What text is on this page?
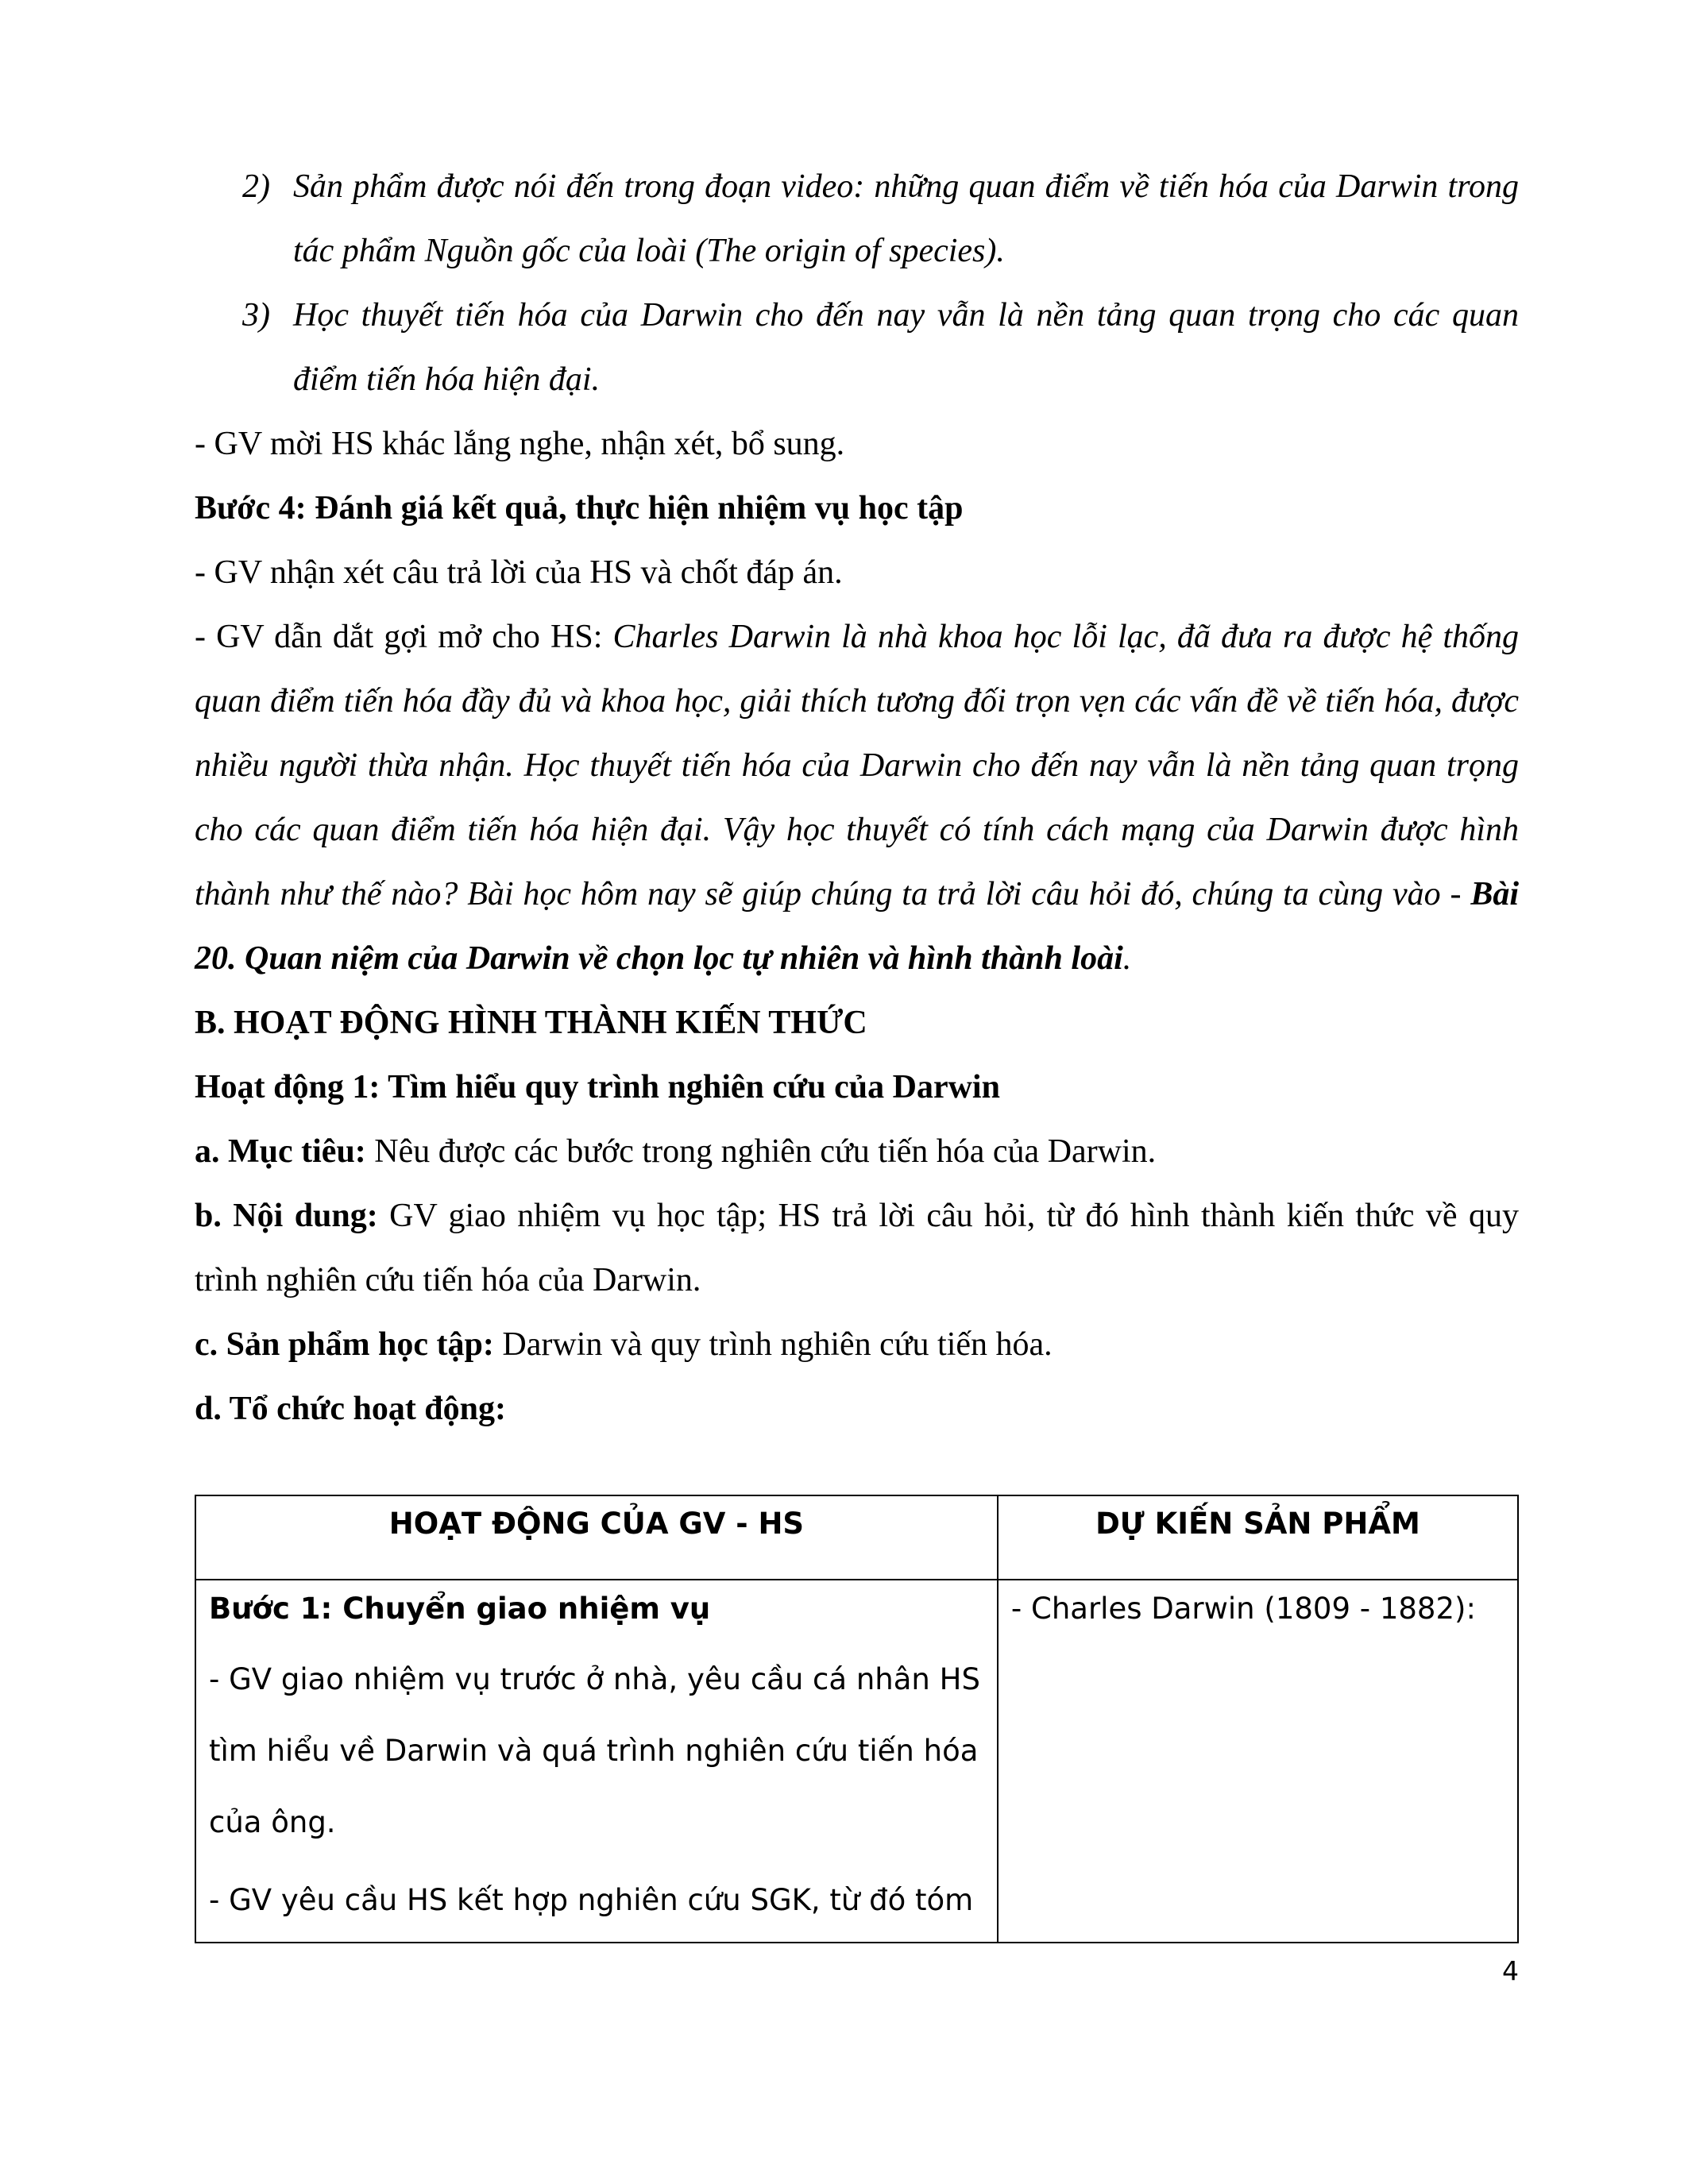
2) Sản phẩm được nói đến trong đoạn video: những quan điểm về tiến hóa của Darwin trong tác phẩm Nguồn gốc của loài (The origin of species).
3) Học thuyết tiến hóa của Darwin cho đến nay vẫn là nền tảng quan trọng cho các quan điểm tiến hóa hiện đại.

- GV mời HS khác lắng nghe, nhận xét, bổ sung.

Bước 4: Đánh giá kết quả, thực hiện nhiệm vụ học tập

- GV nhận xét câu trả lời của HS và chốt đáp án.

- GV dẫn dắt gợi mở cho HS: Charles Darwin là nhà khoa học lỗi lạc, đã đưa ra được hệ thống quan điểm tiến hóa đầy đủ và khoa học, giải thích tương đối trọn vẹn các vấn đề về tiến hóa, được nhiều người thừa nhận. Học thuyết tiến hóa của Darwin cho đến nay vẫn là nền tảng quan trọng cho các quan điểm tiến hóa hiện đại. Vậy học thuyết có tính cách mạng của Darwin được hình thành như thế nào? Bài học hôm nay sẽ giúp chúng ta trả lời câu hỏi đó, chúng ta cùng vào - Bài 20. Quan niệm của Darwin về chọn lọc tự nhiên và hình thành loài.

B. HOẠT ĐỘNG HÌNH THÀNH KIẾN THỨC

Hoạt động 1: Tìm hiểu quy trình nghiên cứu của Darwin

a. Mục tiêu: Nêu được các bước trong nghiên cứu tiến hóa của Darwin.

b. Nội dung: GV giao nhiệm vụ học tập; HS trả lời câu hỏi, từ đó hình thành kiến thức về quy trình nghiên cứu tiến hóa của Darwin.

c. Sản phẩm học tập: Darwin và quy trình nghiên cứu tiến hóa.

d. Tổ chức hoạt động:

HOẠT ĐỘNG CỦA GV - HS	DỰ KIẾN SẢN PHẨM

Bước 1: Chuyển giao nhiệm vụ
- GV giao nhiệm vụ trước ở nhà, yêu cầu cá nhân HS tìm hiểu về Darwin và quá trình nghiên cứu tiến hóa của ông.
- GV yêu cầu HS kết hợp nghiên cứu SGK, từ đó tóm	- Charles Darwin (1809 - 1882):
4
